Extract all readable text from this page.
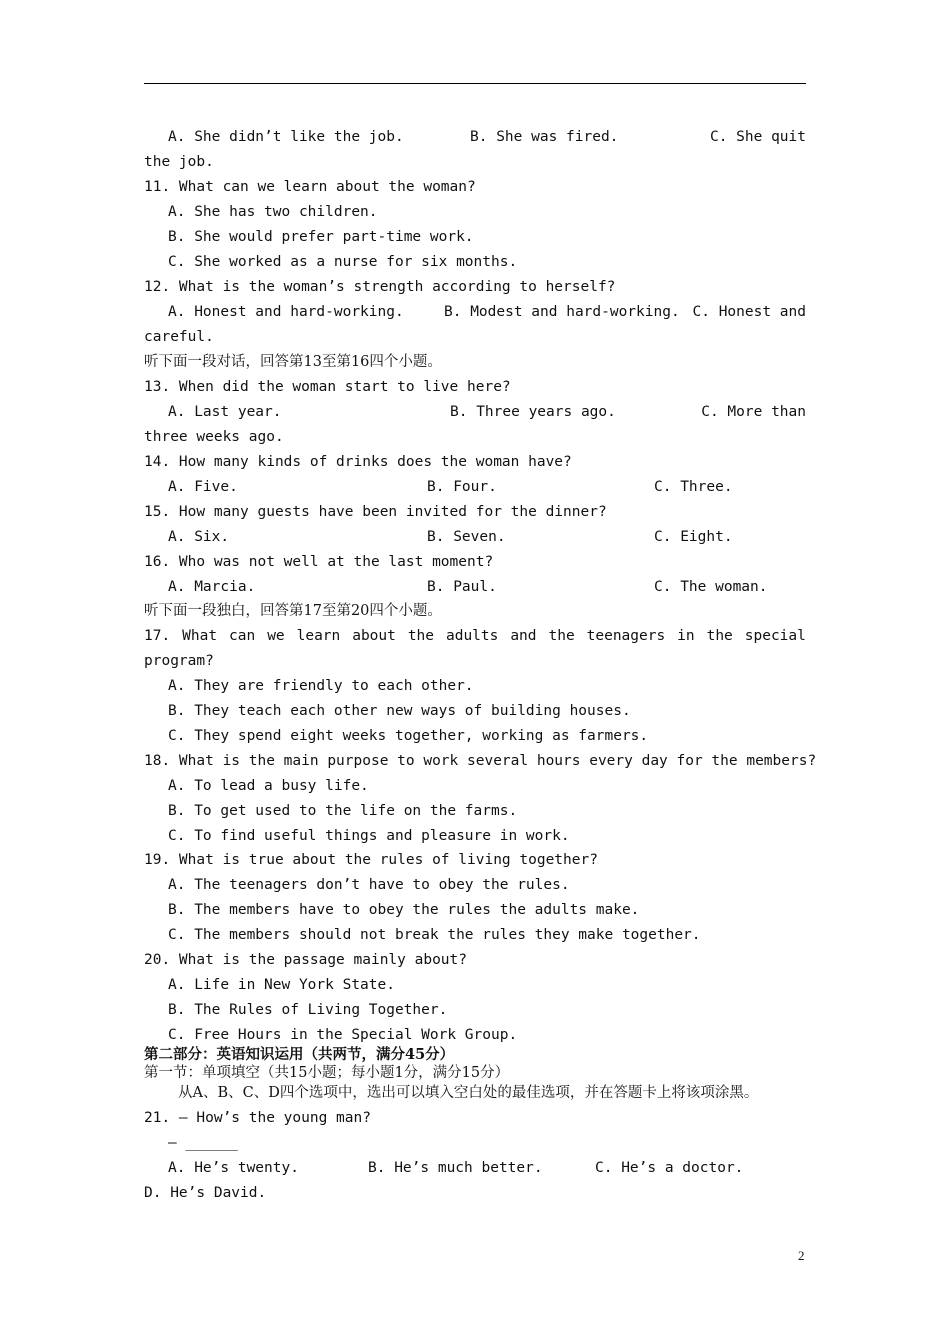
A. She didn’t like the job.	B. She was fired.	C. She quit
the job.
11. What can we learn about the woman?
A. She has two children.
B. She would prefer part-time work.
C. She worked as a nurse for six months.
12. What is the woman’s strength according to herself?
A. Honest and hard-working.	B. Modest and hard-working. C. Honest and
careful.
听下面一段对话，回答第13至第16四个小题。
13. When did the woman start to live here?
A. Last year.	B. Three years ago.	C. More than
three weeks ago.
14. How many kinds of drinks does the woman have?
A. Five.	B. Four.	C. Three.
15. How many guests have been invited for the dinner?
A. Six.	B. Seven.	C. Eight.
16. Who was not well at the last moment?
A. Marcia.	B. Paul.	C. The woman.
听下面一段独白，回答第17至第20四个小题。
17. What can we learn about the adults and the teenagers in the special
program?
A. They are friendly to each other.
B. They teach each other new ways of building houses.
C. They spend eight weeks together, working as farmers.
18. What is the main purpose to work several hours every day for the members?
A. To lead a busy life.
B. To get used to the life on the farms.
C. To find useful things and pleasure in work.
19. What is true about the rules of living together?
A. The teenagers don’t have to obey the rules.
B. The members have to obey the rules the adults make.
C. The members should not break the rules they make together.
20. What is the passage mainly about?
A. Life in New York State.
B. The Rules of Living Together.
C. Free Hours in the Special Work Group.
第二部分：英语知识运用（共两节，满分45分）
第一节：单项填空（共15小题；每小题1分，满分15分）
从A、B、C、D四个选项中，选出可以填入空白处的最佳选项，并在答题卡上将该项涂黑。
21. — How’s the young man?
— ______
A. He’s twenty.	B. He’s much better.	C. He’s a doctor.
D. He’s David.
2
